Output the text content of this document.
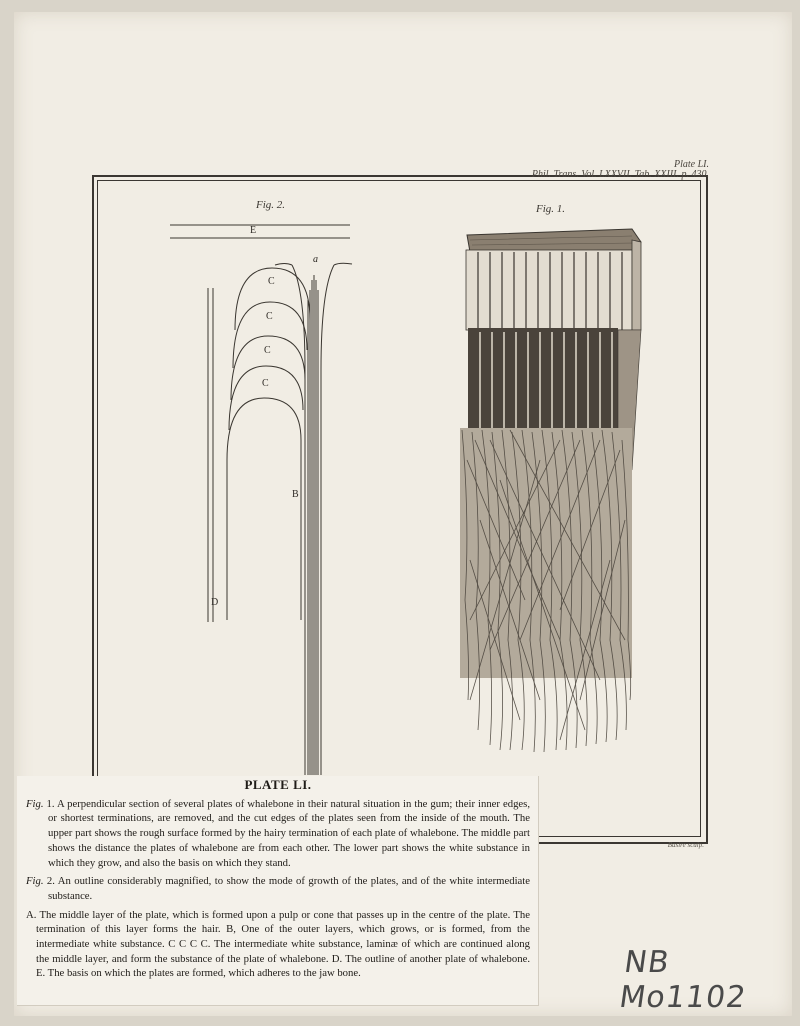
Plate LI.
Phil. Trans. Vol. LXXVII. Tab. XXIII. p. 430.
Fig. 2.	Fig. 1.
E
a
C
C
C
C
B
D
Basire sculp.
PLATE LI.

Fig. 1. A perpendicular section of several plates of whalebone in their natural situation in the gum; their inner edges, or shortest terminations, are removed, and the cut edges of the plates seen from the inside of the mouth. The upper part shows the rough surface formed by the hairy termination of each plate of whalebone. The middle part shows the distance the plates of whalebone are from each other. The lower part shows the white substance in which they grow, and also the basis on which they stand.

Fig. 2. An outline considerably magnified, to show the mode of growth of the plates, and of the white intermediate substance.

A. The middle layer of the plate, which is formed upon a pulp or cone that passes up in the centre of the plate. The termination of this layer forms the hair. B, One of the outer layers, which grows, or is formed, from the intermediate white substance. C C C C. The intermediate white substance, laminæ of which are continued along the middle layer, and form the substance of the plate of whalebone. D. The outline of another plate of whalebone. E. The basis on which the plates are formed, which adheres to the jaw bone.	NB Mo1102
